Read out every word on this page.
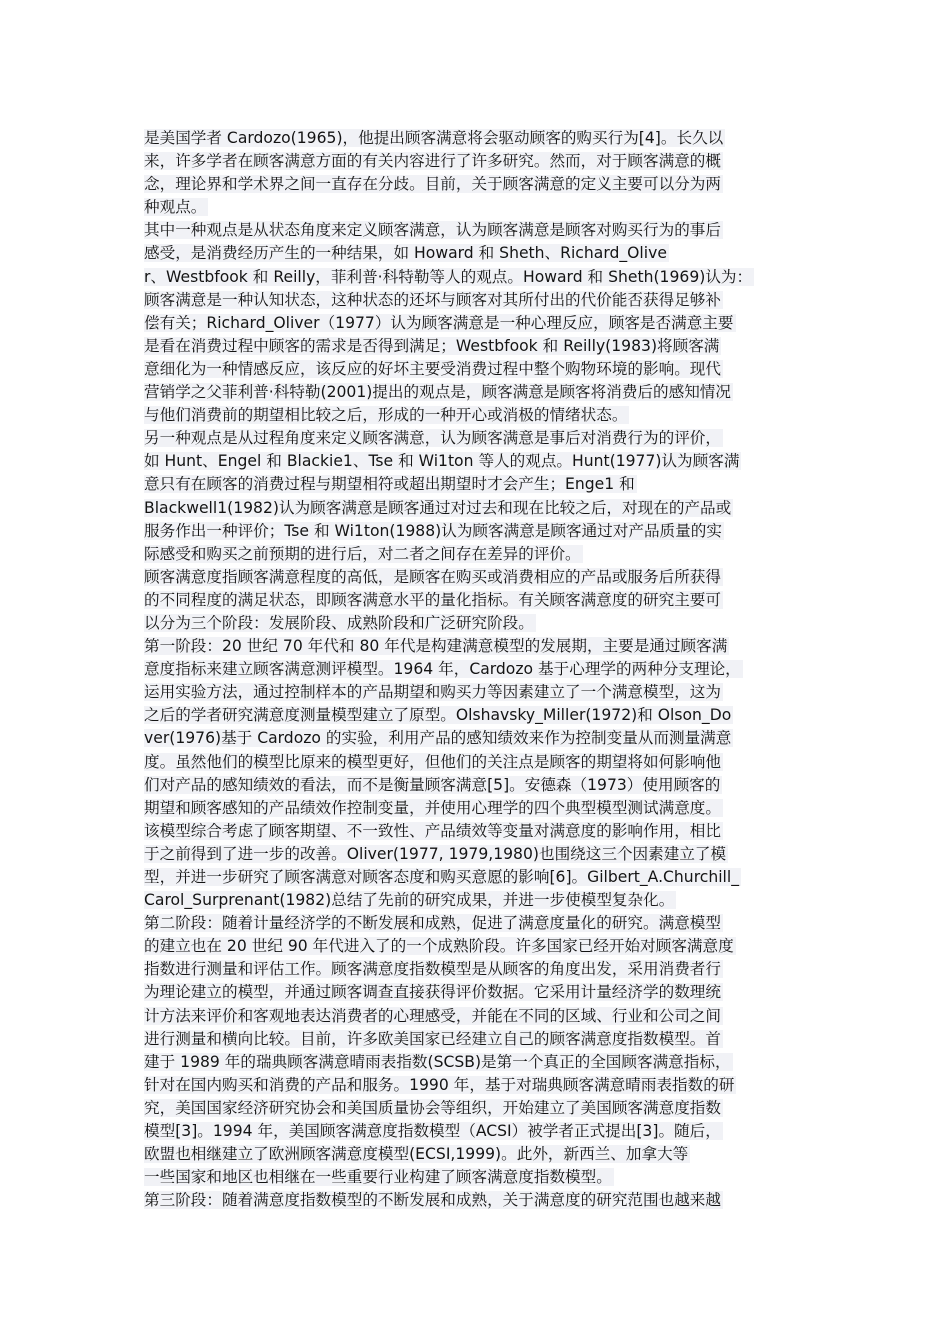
是美国学者 Cardozo(1965)，他提出顾客满意将会驱动顾客的购买行为[4]。长久以
来，许多学者在顾客满意方面的有关内容进行了许多研究。然而，对于顾客满意的概
念，理论界和学术界之间一直存在分歧。目前，关于顾客满意的定义主要可以分为两
种观点。
其中一种观点是从状态角度来定义顾客满意，认为顾客满意是顾客对购买行为的事后
感受，是消费经历产生的一种结果，如 Howard 和 Sheth、Richard_Olive
r、Westbfook 和 Reilly，菲利普·科特勒等人的观点。Howard 和 Sheth(1969)认为：
顾客满意是一种认知状态，这种状态的还坏与顾客对其所付出的代价能否获得足够补
偿有关；Richard_Oliver（1977）认为顾客满意是一种心理反应，顾客是否满意主要
是看在消费过程中顾客的需求是否得到满足；Westbfook 和 Reilly(1983)将顾客满
意细化为一种情感反应，该反应的好坏主要受消费过程中整个购物环境的影响。现代
营销学之父菲利普·科特勒(2001)提出的观点是，顾客满意是顾客将消费后的感知情况
与他们消费前的期望相比较之后，形成的一种开心或消极的情绪状态。
另一种观点是从过程角度来定义顾客满意，认为顾客满意是事后对消费行为的评价，
如 Hunt、Engel 和 Blackie1、Tse 和 Wi1ton 等人的观点。Hunt(1977)认为顾客满
意只有在顾客的消费过程与期望相符或超出期望时才会产生；Enge1 和
Blackwell1(1982)认为顾客满意是顾客通过对过去和现在比较之后，对现在的产品或
服务作出一种评价；Tse 和 Wi1ton(1988)认为顾客满意是顾客通过对产品质量的实
际感受和购买之前预期的进行后，对二者之间存在差异的评价。
顾客满意度指顾客满意程度的高低，是顾客在购买或消费相应的产品或服务后所获得
的不同程度的满足状态，即顾客满意水平的量化指标。有关顾客满意度的研究主要可
以分为三个阶段：发展阶段、成熟阶段和广泛研究阶段。
第一阶段：20 世纪 70 年代和 80 年代是构建满意模型的发展期，主要是通过顾客满
意度指标来建立顾客满意测评模型。1964 年，Cardozo 基于心理学的两种分支理论，
运用实验方法，通过控制样本的产品期望和购买力等因素建立了一个满意模型，这为
之后的学者研究满意度测量模型建立了原型。Olshavsky_Miller(1972)和 Olson_Do
ver(1976)基于 Cardozo 的实验，利用产品的感知绩效来作为控制变量从而测量满意
度。虽然他们的模型比原来的模型更好，但他们的关注点是顾客的期望将如何影响他
们对产品的感知绩效的看法，而不是衡量顾客满意[5]。安德森（1973）使用顾客的
期望和顾客感知的产品绩效作控制变量，并使用心理学的四个典型模型测试满意度。
该模型综合考虑了顾客期望、不一致性、产品绩效等变量对满意度的影响作用，相比
于之前得到了进一步的改善。Oliver(1977, 1979,1980)也围绕这三个因素建立了模
型，并进一步研究了顾客满意对顾客态度和购买意愿的影响[6]。Gilbert_A.Churchill_
Carol_Surprenant(1982)总结了先前的研究成果，并进一步使模型复杂化。
第二阶段：随着计量经济学的不断发展和成熟，促进了满意度量化的研究。满意模型
的建立也在 20 世纪 90 年代进入了的一个成熟阶段。许多国家已经开始对顾客满意度
指数进行测量和评估工作。顾客满意度指数模型是从顾客的角度出发，采用消费者行
为理论建立的模型，并通过顾客调查直接获得评价数据。它采用计量经济学的数理统
计方法来评价和客观地表达消费者的心理感受，并能在不同的区域、行业和公司之间
进行测量和横向比较。目前，许多欧美国家已经建立自己的顾客满意度指数模型。首
建于 1989 年的瑞典顾客满意晴雨表指数(SCSB)是第一个真正的全国顾客满意指标，
针对在国内购买和消费的产品和服务。1990 年，基于对瑞典顾客满意晴雨表指数的研
究，美国国家经济研究协会和美国质量协会等组织，开始建立了美国顾客满意度指数
模型[3]。1994 年，美国顾客满意度指数模型（ACSI）被学者正式提出[3]。随后，
欧盟也相继建立了欧洲顾客满意度模型(ECSI,1999)。此外，新西兰、加拿大等
一些国家和地区也相继在一些重要行业构建了顾客满意度指数模型。
第三阶段：随着满意度指数模型的不断发展和成熟，关于满意度的研究范围也越来越
